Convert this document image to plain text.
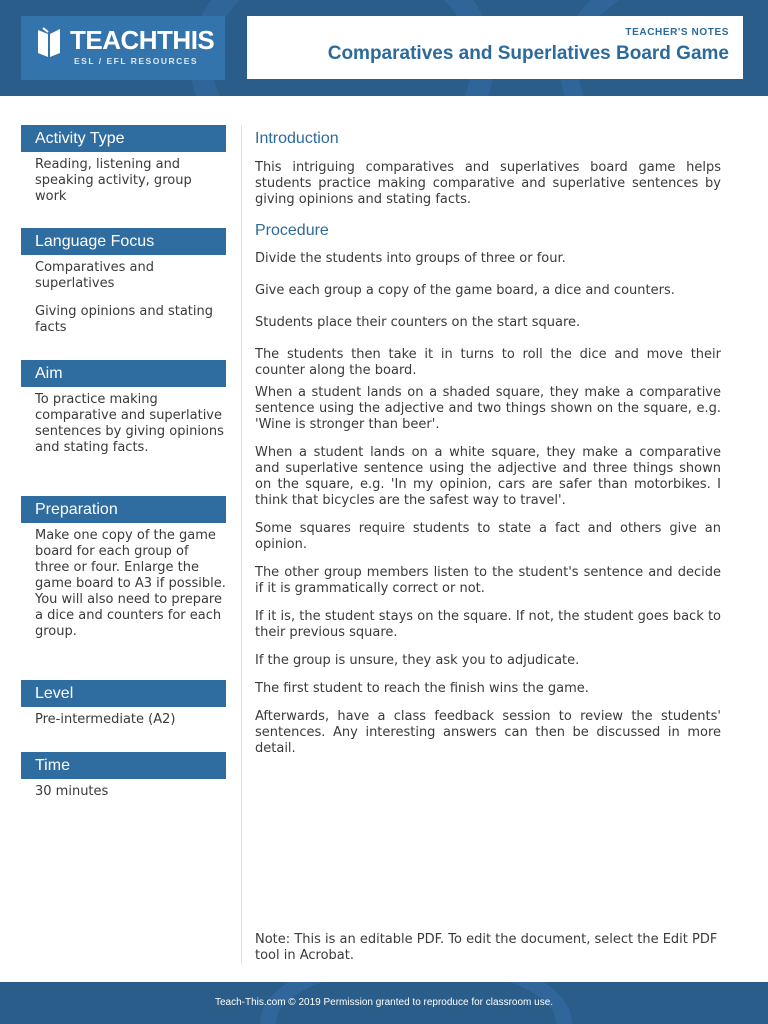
TEACHTHIS
ESL / EFL RESOURCES
TEACHER'S NOTES
Comparatives and Superlatives Board Game
Activity Type
Reading, listening and speaking activity, group work
Language Focus

Comparatives and superlatives

Giving opinions and stating facts

Aim
To practice making comparative and superlative sentences by giving opinions and stating facts.
Preparation
Make one copy of the game board for each group of three or four. Enlarge the game board to A3 if possible. You will also need to prepare a dice and counters for each group.
Level
Pre-intermediate (A2)
Time
30 minutes
Introduction

This intriguing comparatives and superlatives board game helps students practice making comparative and superlative sentences by giving opinions and stating facts.

Procedure

Divide the students into groups of three or four.

Give each group a copy of the game board, a dice and counters.

Students place their counters on the start square.

The students then take it in turns to roll the dice and move their counter along the board.

When a student lands on a shaded square, they make a comparative sentence using the adjective and two things shown on the square, e.g. 'Wine is stronger than beer'.

When a student lands on a white square, they make a comparative and superlative sentence using the adjective and three things shown on the square, e.g. 'In my opinion, cars are safer than motorbikes. I think that bicycles are the safest way to travel'.

Some squares require students to state a fact and others give an opinion.

The other group members listen to the student's sentence and decide if it is grammatically correct or not.

If it is, the student stays on the square. If not, the student goes back to their previous square.

If the group is unsure, they ask you to adjudicate.

The first student to reach the finish wins the game.

Afterwards, have a class feedback session to review the students' sentences. Any interesting answers can then be discussed in more detail.

Note: This is an editable PDF. To edit the document, select the Edit PDF tool in Acrobat.
Teach-This.com © 2019 Permission granted to reproduce for classroom use.
